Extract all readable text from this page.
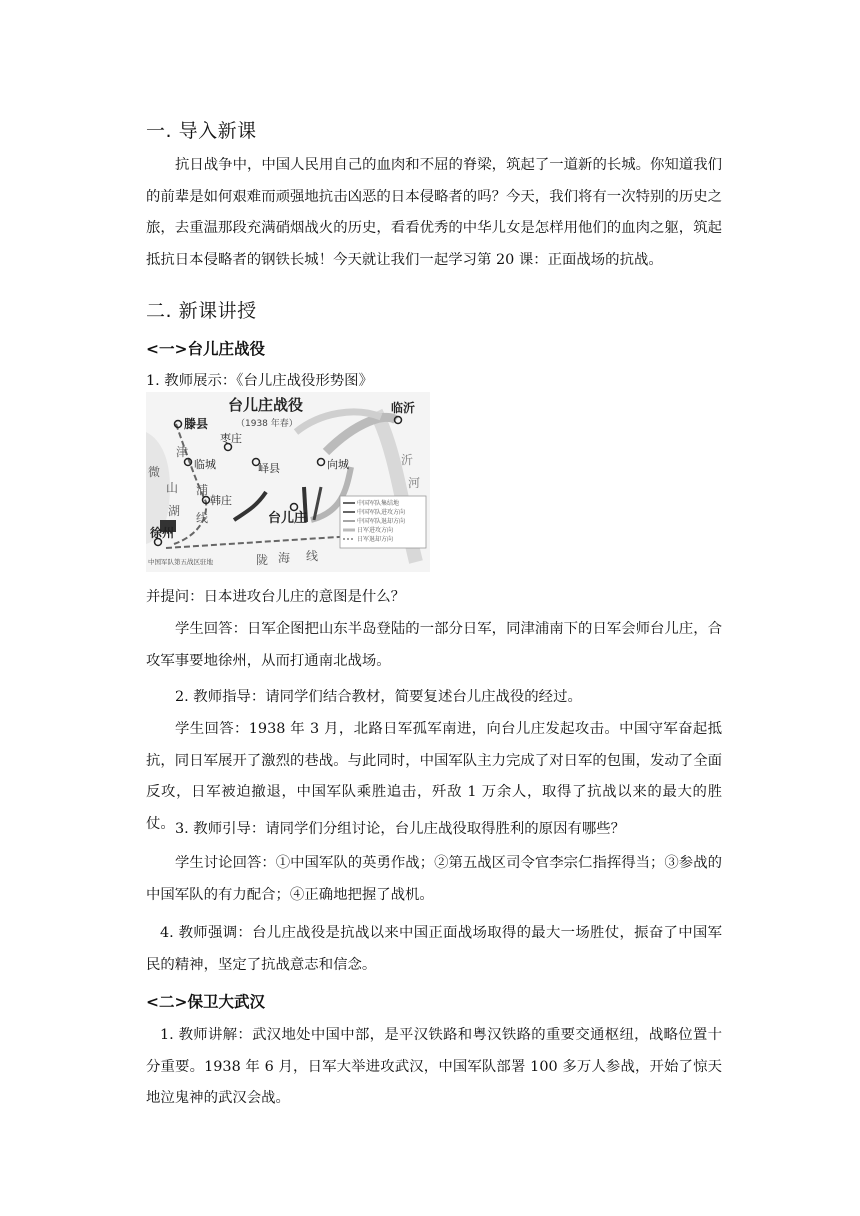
一. 导入新课
抗日战争中，中国人民用自己的血肉和不屈的脊梁，筑起了一道新的长城。你知道我们的前辈是如何艰难而顽强地抗击凶恶的日本侵略者的吗？今天，我们将有一次特别的历史之旅，去重温那段充满硝烟战火的历史，看看优秀的中华儿女是怎样用他们的血肉之躯，筑起抵抗日本侵略者的钢铁长城！今天就让我们一起学习第 20 课：正面战场的抗战。
二. 新课讲授
<一>台儿庄战役
1. 教师展示：《台儿庄战役形势图》
台儿庄战役
（1938 年春）
滕县
临沂
枣庄
临城	峄县	向城
韩庄
台儿庄
徐州
沂
河
微
山
湖
津
浦
线
陇 海 线
中国军队集结地
中国军队进攻方向
中国军队退却方向
日军进攻方向
日军退却方向
中国军队第五战区驻地
并提问：日本进攻台儿庄的意图是什么？
学生回答：日军企图把山东半岛登陆的一部分日军，同津浦南下的日军会师台儿庄，合攻军事要地徐州，从而打通南北战场。
2. 教师指导：请同学们结合教材，简要复述台儿庄战役的经过。
学生回答：1938 年 3 月，北路日军孤军南进，向台儿庄发起攻击。中国守军奋起抵抗，同日军展开了激烈的巷战。与此同时，中国军队主力完成了对日军的包围，发动了全面反攻，日军被迫撤退，中国军队乘胜追击，歼敌 1 万余人，取得了抗战以来的最大的胜仗。 3. 教师引导：请同学们分组讨论，台儿庄战役取得胜利的原因有哪些？
学生讨论回答：①中国军队的英勇作战；②第五战区司令官李宗仁指挥得当；③参战的中国军队的有力配合；④正确地把握了战机。
4. 教师强调：台儿庄战役是抗战以来中国正面战场取得的最大一场胜仗，振奋了中国军民的精神，坚定了抗战意志和信念。
<二>保卫大武汉
1. 教师讲解：武汉地处中国中部，是平汉铁路和粤汉铁路的重要交通枢纽，战略位置十分重要。1938 年 6 月，日军大举进攻武汉，中国军队部署 100 多万人参战，开始了惊天地泣鬼神的武汉会战。
